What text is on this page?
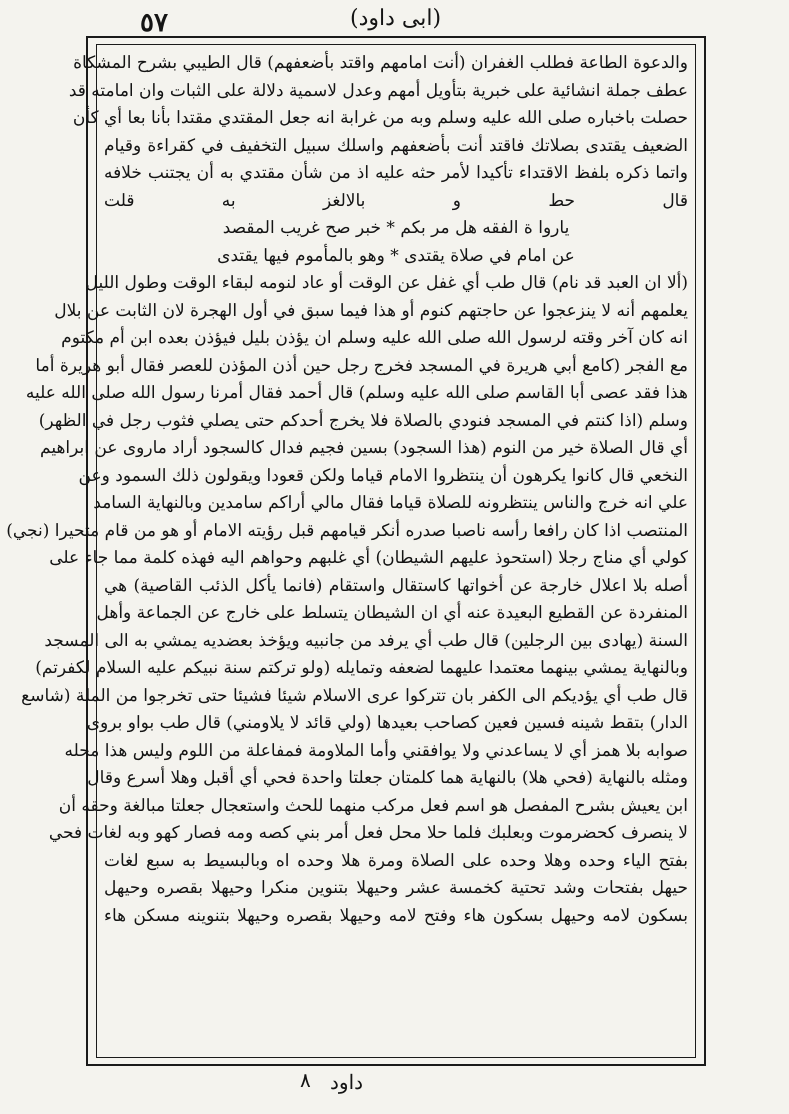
٥٧	(ابى داود)
والدعوة الطاعة فطلب الغفران (أنت امامهم واقتد بأضعفهم) قال الطيبي بشرح المشكاة
عطف جملة انشائية على خبرية بتأويل أمهم وعدل لاسمية دلالة على الثبات وان امامته قد
حصلت باخباره صلى الله عليه وسلم وبه من غرابة انه جعل المقتدي مقتدا بأنا بعا أي كأن
الضعيف يقتدى بصلاتك فاقتد أنت بأضعفهم واسلك سبيل التخفيف في كقراءة وقيام
واتما ذكره بلفظ الاقتداء تأكيدا لأمر حثه عليه اذ من شأن مقتدي به أن يجتنب خلافه
قال حط و بالالغز به قلت
ياروا ة الفقه هل مر بكم * خبر صح غريب المقصد
عن امام في صلاة يقتدى * وهو بالمأموم فيها يقتدى
(ألا ان العبد قد نام) قال طب أي غفل عن الوقت أو عاد لنومه لبقاء الوقت وطول الليل
يعلمهم أنه لا ينزعجوا عن حاجتهم كنوم أو هذا فيما سبق في أول الهجرة لان الثابت عن بلال
انه كان آخر وقته لرسول الله صلى الله عليه وسلم ان يؤذن بليل فيؤذن بعده ابن أم مكتوم
مع الفجر (كامع أبي هريرة في المسجد فخرج رجل حين أذن المؤذن للعصر فقال أبو هريرة أما
هذا فقد عصى أبا القاسم صلى الله عليه وسلم) قال أحمد فقال أمرنا رسول الله صلى الله عليه
وسلم (اذا كنتم في المسجد فنودي بالصلاة فلا يخرج أحدكم حتى يصلي فثوب رجل في الظهر)
أي قال الصلاة خير من النوم (هذا السجود) بسين فجيم فدال كالسجود أراد ماروى عن ابراهيم
النخعي قال كانوا يكرهون أن ينتظروا الامام قياما ولكن قعودا ويقولون ذلك السمود وعن
علي انه خرج والناس ينتظرونه للصلاة قياما فقال مالي أراكم سامدين وبالنهاية السامد
المنتصب اذا كان رافعا رأسه ناصبا صدره أنكر قيامهم قبل رؤيته الامام أو هو من قام متحيرا (نجي)
كولي أي مناج رجلا (استحوذ عليهم الشيطان) أي غلبهم وحواهم اليه فهذه كلمة مما جاء على
أصله بلا اعلال خارجة عن أخواتها كاستقال واستقام (فانما يأكل الذئب القاصية) هي
المنفردة عن القطيع البعيدة عنه أي ان الشيطان يتسلط على خارج عن الجماعة وأهل
السنة (يهادى بين الرجلين) قال طب أي يرفد من جانبيه ويؤخذ بعضديه يمشي به الى المسجد
وبالنهاية يمشي بينهما معتمدا عليهما لضعفه وتمايله (ولو تركتم سنة نبيكم عليه السلام لكفرتم)
قال طب أي يؤديكم الى الكفر بان تتركوا عرى الاسلام شيئا فشيئا حتى تخرجوا من الملة (شاسع
الدار) بتقط شينه فسين فعين كصاحب بعيدها (ولي قائد لا يلاومني) قال طب بواو بروى
صوابه بلا همز أي لا يساعدني ولا يوافقني وأما الملاومة فمفاعلة من اللوم وليس هذا محله
ومثله بالنهاية (فحي هلا) بالنهاية هما كلمتان جعلتا واحدة فحي أي أقبل وهلا أسرع وقال
ابن يعيش بشرح المفصل هو اسم فعل مركب منهما للحث واستعجال جعلتا مبالغة وحقه أن
لا ينصرف كحضرموت وبعلبك فلما حلا محل فعل أمر بني كصه ومه فصار كهو وبه لغات فحي
بفتح الياء وحده وهلا وحده على الصلاة ومرة هلا وحده اه وبالبسيط به سبع لغات
حيهل بفتحات وشد تحتية كخمسة عشر وحيهلا بتنوين منكرا وحيهلا بقصره وحيهل
بسكون لامه وحيهل بسكون هاء وفتح لامه وحيهلا بقصره وحيهلا بتنوينه مسكن هاء
٨ داود
